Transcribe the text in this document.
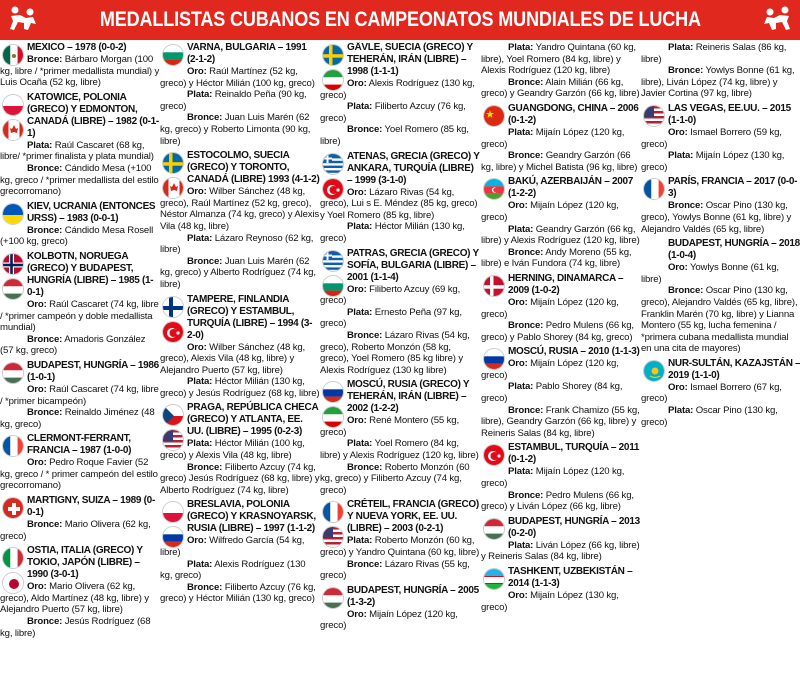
MEDALLISTAS CUBANOS EN CAMPEONATOS MUNDIALES DE LUCHA
MÉXICO – 1978 (0-0-2)
Bronce: Bárbaro Morgan (100 kg, libre / *primer medallista mundial) y Luis Ocaña (52 kg, libre)
KATOWICE, POLONIA (GRECO) Y EDMONTON, CANADÁ (LIBRE) – 1982 (0-1-1)
Plata: Raúl Cascaret (68 kg, libre/ *primer finalista y plata mundial)
Bronce: Cándido Mesa (+100 kg, greco / *primer medallista del estilo grecorromano)
KIEV, UCRANIA (ENTONCES URSS) – 1983 (0-0-1)
Bronce: Cándido Mesa Rosell (+100 kg, greco)
KOLBOTN, NORUEGA (GRECO) Y BUDAPEST, HUNGRÍA (LIBRE) – 1985 (1-0-1)
Oro: Raúl Cascaret (74 kg, libre / *primer campeón y doble medallista mundial)
Bronce: Amadoris González (57 kg, greco)
BUDAPEST, HUNGRÍA – 1986 (1-0-1)
Oro: Raúl Cascaret (74 kg, libre / *primer bicampeón)
Bronce: Reinaldo Jiménez (48 kg, greco)
CLERMONT-FERRANT, FRANCIA – 1987 (1-0-0)
Oro: Pedro Roque Favier (52 kg, greco / * primer campeón del estilo grecorromano)
MARTIGNY, SUIZA – 1989 (0-0-1)
Bronce: Mario Olivera (62 kg, greco)
OSTIA, ITALIA (GRECO) Y TOKIO, JAPÓN (LIBRE) – 1990 (3-0-1)
Oro: Mario Olivera (62 kg, greco), Aldo Martínez (48 kg, libre) y Alejandro Puerto (57 kg, libre)
Bronce: Jesús Rodríguez (68 kg, libre)
VARNA, BULGARIA – 1991 (2-1-2)
Oro: Raúl Martínez (52 kg, greco) y Héctor Milián (100 kg, greco)
Plata: Reinaldo Peña (90 kg, greco)
Bronce: Juan Luis Marén (62 kg, greco) y Roberto Limonta (90 kg, libre)
ESTOCOLMO, SUECIA (GRECO) Y TORONTO, CANADÁ (LIBRE) 1993 (4-1-2)
Oro: Wilber Sánchez (48 kg, greco), Raúl Martínez (52 kg, greco), Néstor Almanza (74 kg, greco) y Alexis Vila (48 kg, libre)
Plata: Lázaro Reynoso (62 kg, libre)
Bronce: Juan Luis Marén (62 kg, greco) y Alberto Rodríguez (74 kg, libre)
TAMPERE, FINLANDIA (GRECO) Y ESTAMBUL, TURQUÍA (LIBRE) – 1994 (3-2-0)
Oro: Wilber Sánchez (48 kg, greco), Alexis Vila (48 kg, libre) y Alejandro Puerto (57 kg, libre)
Plata: Héctor Milián (130 kg, greco) y Jesús Rodríguez (68 kg, libre)
PRAGA, REPÚBLICA CHECA (GRECO) Y ATLANTA, EE. UU. (LIBRE) – 1995 (0-2-3)
Plata: Héctor Milián (100 kg, greco) y Alexis Vila (48 kg, libre)
Bronce: Filiberto Azcuy (74 kg, greco) Jesús Rodríguez (68 kg, libre) y Alberto Rodríguez (74 kg, libre)
BRESLAVIA, POLONIA (GRECO) Y KRASNOYARSK, RUSIA (LIBRE) – 1997 (1-1-2)
Oro: Wilfredo García (54 kg, libre)
Plata: Alexis Rodríguez (130 kg, greco)
Bronce: Filiberto Azcuy (76 kg, greco) y Héctor Milián (130 kg, greco)
GÄVLE, SUECIA (GRECO) Y TEHERÁN, IRÁN (LIBRE) – 1998 (1-1-1)
Oro: Alexis Rodríguez (130 kg, greco)
Plata: Filiberto Azcuy (76 kg, greco)
Bronce: Yoel Romero (85 kg, libre)
ATENAS, GRECIA (GRECO) Y ANKARA, TURQUÍA (LIBRE) – 1999 (3-1-0)
Oro: Lázaro Rivas (54 kg, greco), Lui s E. Méndez (85 kg, greco) y Yoel Romero (85 kg, libre)
Plata: Héctor Milián (130 kg, greco)
PATRAS, GRECIA (GRECO) Y SOFÍA, BULGARIA (LIBRE) – 2001 (1-1-4)
Oro: Filiberto Azcuy (69 kg, greco)
Plata: Ernesto Peña (97 kg, greco)
Bronce: Lázaro Rivas (54 kg, greco), Roberto Monzón (58 kg, greco), Yoel Romero (85 kg libre) y Alexis Rodríguez (130 kg libre)
MOSCÚ, RUSIA (GRECO) Y TEHERÁN, IRÁN (LIBRE) – 2002 (1-2-2)
Oro: René Montero (55 kg, greco)
Plata: Yoel Romero (84 kg, libre) y Alexis Rodríguez (120 kg, libre)
Bronce: Roberto Monzón (60 kg, greco) y Filiberto Azcuy (74 kg, greco)
CRÉTEIL, FRANCIA (GRECO) Y NUEVA YORK, EE. UU. (LIBRE) – 2003 (0-2-1)
Plata: Roberto Monzón (60 kg, greco) y Yandro Quintana (60 kg, libre)
Bronce: Lázaro Rivas (55 kg, greco)
BUDAPEST, HUNGRÍA – 2005 (1-3-2)
Oro: Mijaín López (120 kg, greco)
Plata: Yandro Quintana (60 kg, libre), Yoel Romero (84 kg, libre) y Alexis Rodríguez (120 kg, libre)
Bronce: Alain Milián (66 kg, greco) y Geandry Garzón (66 kg, libre)
GUANGDONG, CHINA – 2006 (0-1-2)
Plata: Mijaín López (120 kg, greco)
Bronce: Geandry Garzón (66 kg, libre) y Michel Batista (96 kg, libre)
BAKÚ, AZERBAIJÁN – 2007 (1-2-2)
Oro: Mijaín López (120 kg, greco)
Plata: Geandry Garzón (66 kg, libre) y Alexis Rodríguez (120 kg, libre)
Bronce: Andy Moreno (55 kg, libre) e Iván Fundora (74 kg, libre)
HERNING, DINAMARCA – 2009 (1-0-2)
Oro: Mijaín López (120 kg, greco)
Bronce: Pedro Mulens (66 kg, greco) y Pablo Shorey (84 kg, greco)
MOSCÚ, RUSIA – 2010 (1-1-3)
Oro: Mijaín López (120 kg, greco)
Plata: Pablo Shorey (84 kg, greco)
Bronce: Frank Chamizo (55 kg, libre), Geandry Garzón (66 kg, libre) y Reineris Salas (84 kg, libre)
ESTAMBUL, TURQUÍA – 2011 (0-1-2)
Plata: Mijaín López (120 kg, greco)
Bronce: Pedro Mulens (66 kg, greco) y Liván López (66 kg, libre)
BUDAPEST, HUNGRÍA – 2013 (0-2-0)
Plata: Liván López (66 kg, libre) y Reineris Salas (84 kg, libre)
TASHKENT, UZBEKISTÁN – 2014 (1-1-3)
Oro: Mijaín López (130 kg, greco)
Plata: Reineris Salas (86 kg, libre)
Bronce: Yowlys Bonne (61 kg, libre), Liván López (74 kg, libre) y Javier Cortina (97 kg, libre)
LAS VEGAS, EE.UU. – 2015 (1-1-0)
Oro: Ismael Borrero (59 kg, greco)
Plata: Mijaín López (130 kg, greco)
PARÍS, FRANCIA – 2017 (0-0-3)
Bronce: Oscar Pino (130 kg, greco), Yowlys Bonne (61 kg, libre) y Alejandro Valdés (65 kg, libre)
BUDAPEST, HUNGRÍA – 2018 (1-0-4)
Oro: Yowlys Bonne (61 kg, libre)
Bronce: Oscar Pino (130 kg, greco), Alejandro Valdés (65 kg, libre), Franklin Marén (70 kg, libre) y Lianna Montero (55 kg, lucha femenina / *primera cubana medallista mundial en una cita de mayores)
NUR-SULTÁN, KAZAJSTÁN – 2019 (1-1-0)
Oro: Ismael Borrero (67 kg, greco)
Plata: Oscar Pino (130 kg, greco)
